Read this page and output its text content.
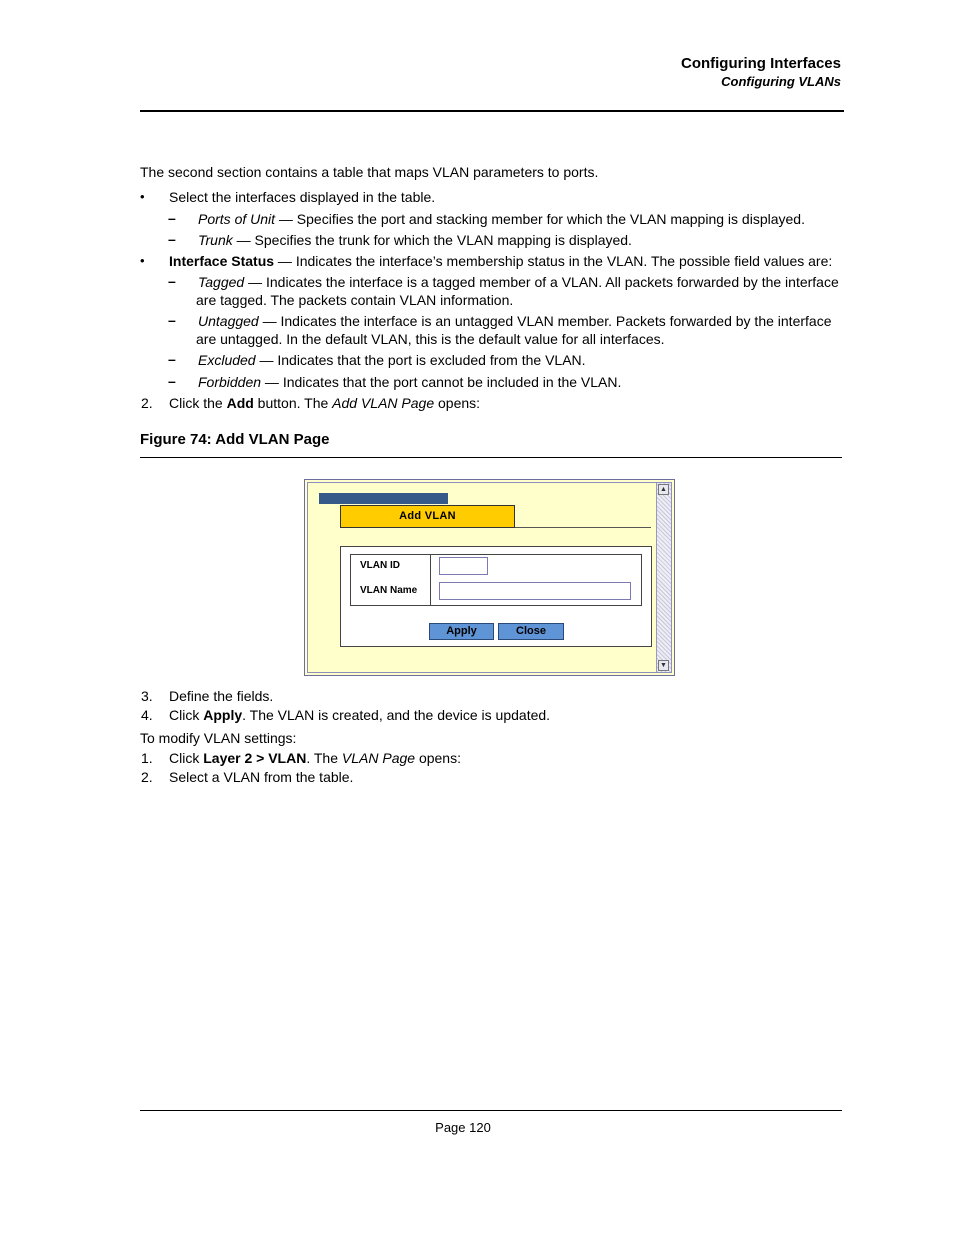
Configuring Interfaces
Configuring VLANs
The second section contains a table that maps VLAN parameters to ports.
• Select the interfaces displayed in the table.
– Ports of Unit — Specifies the port and stacking member for which the VLAN mapping is displayed.
– Trunk — Specifies the trunk for which the VLAN mapping is displayed.
• Interface Status — Indicates the interface’s membership status in the VLAN. The possible field values are:
– Tagged — Indicates the interface is a tagged member of a VLAN. All packets forwarded by the interface
are tagged. The packets contain VLAN information.
– Untagged — Indicates the interface is an untagged VLAN member. Packets forwarded by the interface
are untagged. In the default VLAN, this is the default value for all interfaces.
– Excluded — Indicates that the port is excluded from the VLAN.
– Forbidden — Indicates that the port cannot be included in the VLAN.
2. Click the Add button. The Add VLAN Page opens:
Figure 74: Add VLAN Page
Add VLAN
VLAN ID
VLAN Name
Apply	Close
▲
▼
3. Define the fields.
4. Click Apply. The VLAN is created, and the device is updated.
To modify VLAN settings:
1. Click Layer 2 > VLAN. The VLAN Page opens:
2. Select a VLAN from the table.
Page 120
